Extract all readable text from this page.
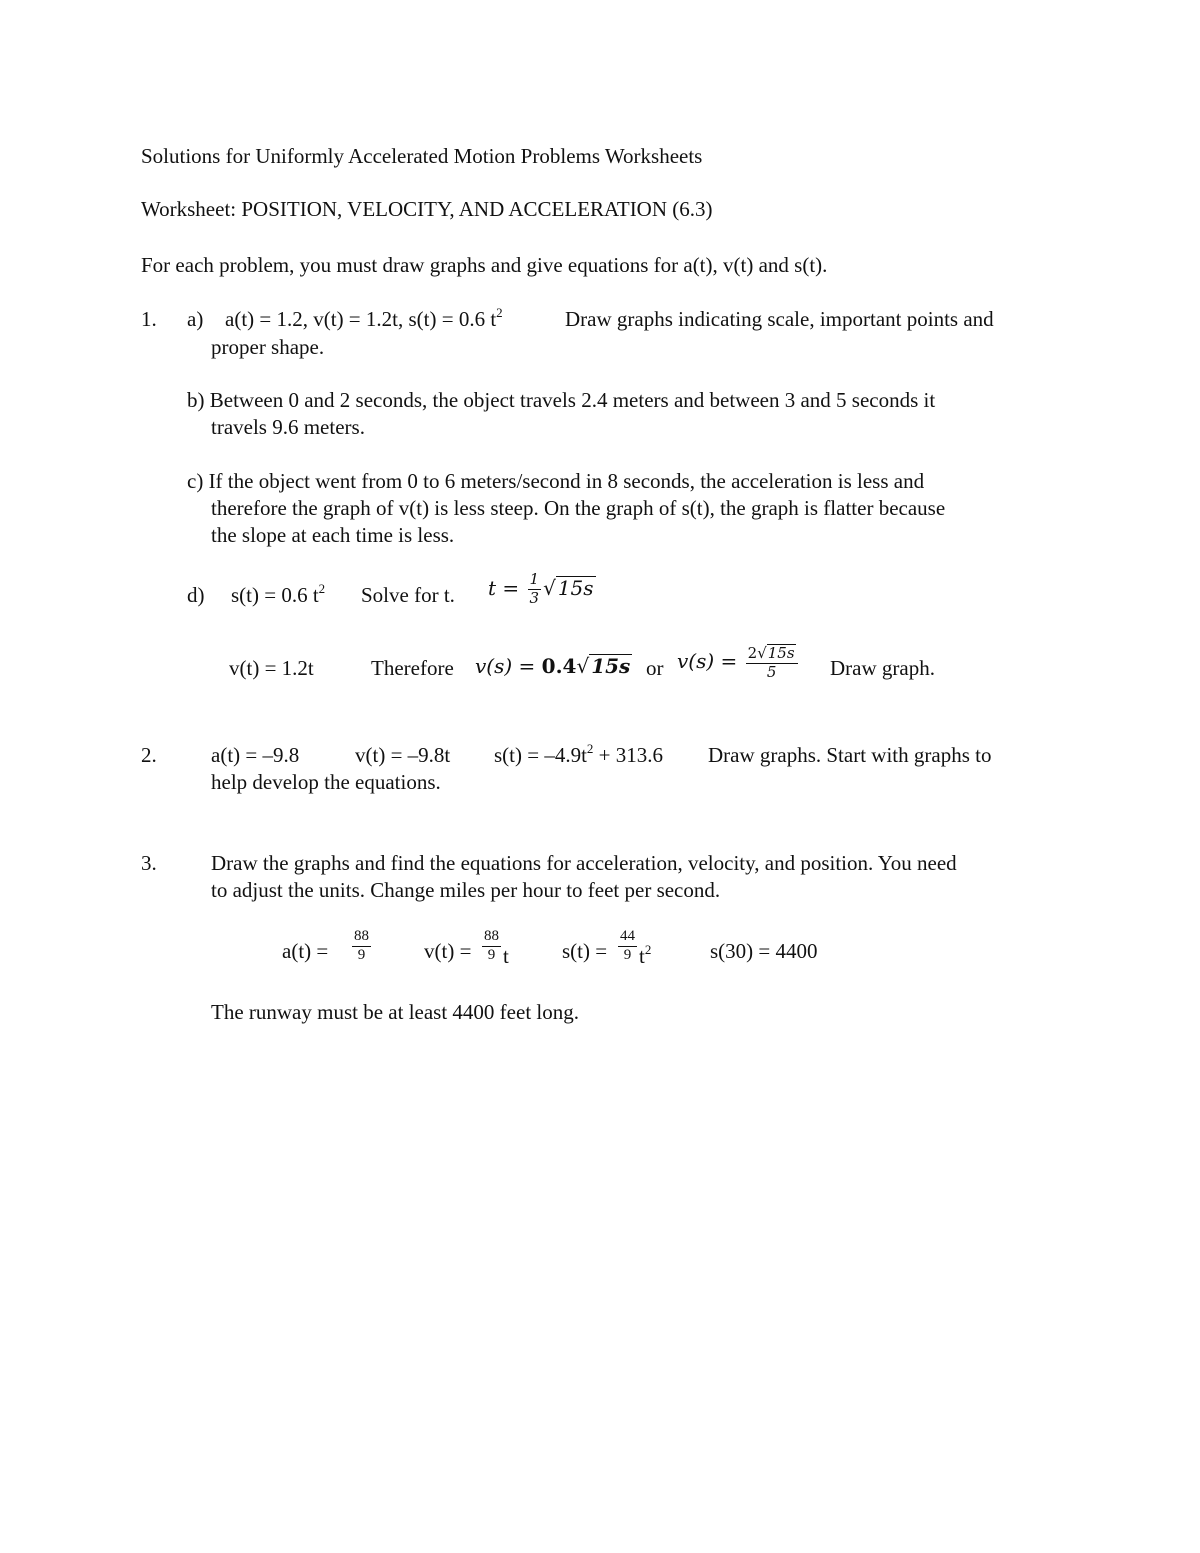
Solutions for Uniformly Accelerated Motion Problems Worksheets
Worksheet: POSITION, VELOCITY, AND ACCELERATION (6.3)
For each problem, you must draw graphs and give equations for a(t), v(t) and s(t).
1. a) a(t) = 1.2, v(t) = 1.2t, s(t) = 0.6 $t^2$	Draw graphs indicating scale, important points and
proper shape.
b) Between 0 and 2 seconds, the object travels 2.4 meters and between 3 and 5 seconds it
travels 9.6 meters.
c) If the object went from 0 to 6 meters/second in 8 seconds, the acceleration is less and
therefore the graph of v(t) is less steep. On the graph of s(t), the graph is flatter because
the slope at each time is less.
d) s(t) = 0.6 $t^2$ Solve for t. $t = \frac{1}{3}$ √ 15s
v(t) = 1.2t	Therefore v(s) = 0.4√ 15s or $v(s) = \frac{2√15s}{5}$ Draw graph.
2.	a(t) = –9.8	v(t) = –9.8t $s(t) = -4.9t^2 + 313.6$ Draw graphs. Start with graphs to
help develop the equations.
3.	Draw the graphs and find the equations for acceleration, velocity, and position. You need
to adjust the units. Change miles per hour to feet per second.
$a(t) = \frac{88}{9}$	$v(t) = \frac{88}{9}$ t	$s(t) = \frac{44}{9} t^2$	s(30) = 4400
The runway must be at least 4400 feet long.
